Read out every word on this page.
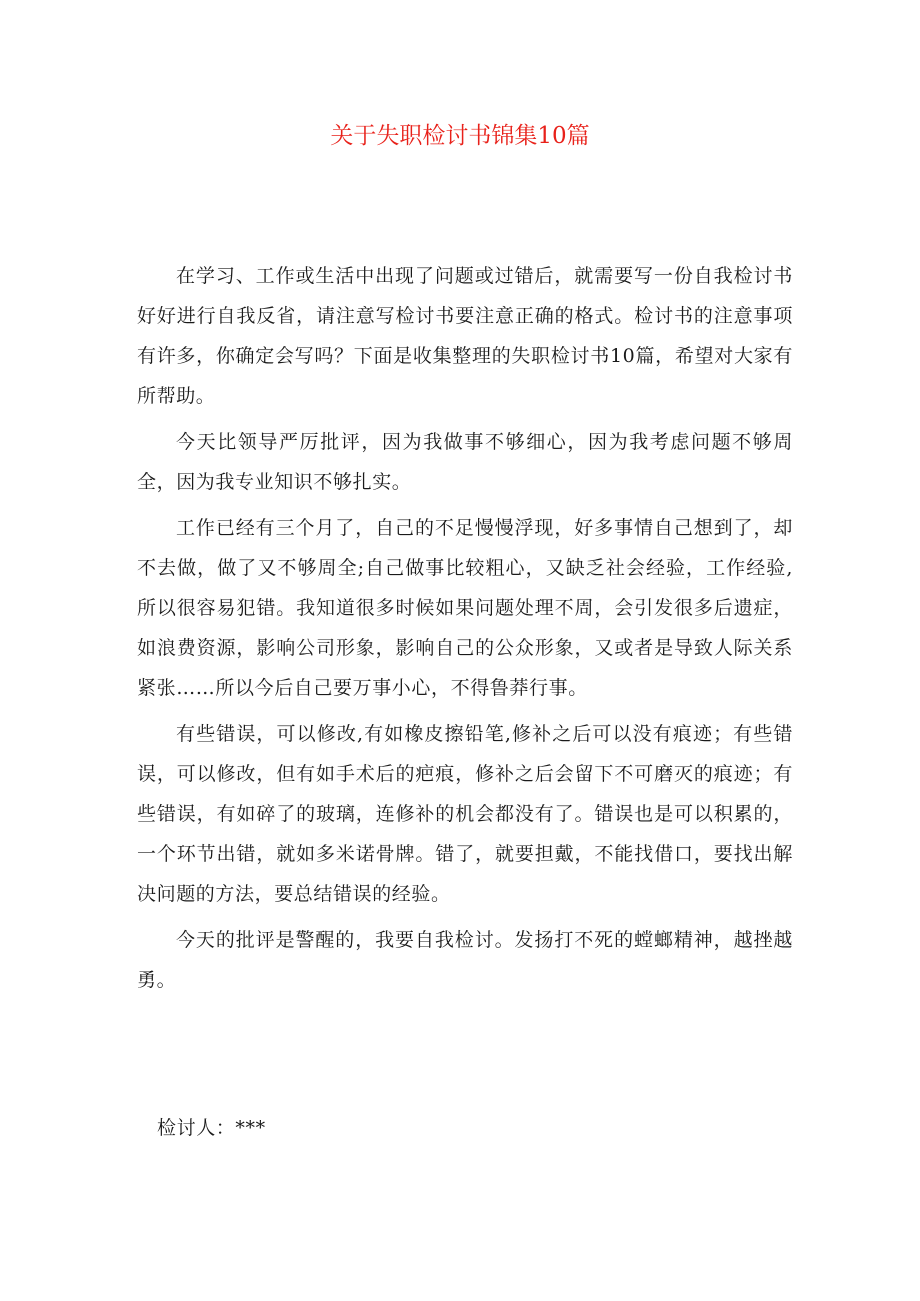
关于失职检讨书锦集10篇

在学习、工作或生活中出现了问题或过错后，就需要写一份自我检讨书好好进行自我反省，请注意写检讨书要注意正确的格式。检讨书的注意事项有许多，你确定会写吗？下面是收集整理的失职检讨书10篇，希望对大家有所帮助。

今天比领导严厉批评，因为我做事不够细心，因为我考虑问题不够周全，因为我专业知识不够扎实。

工作已经有三个月了，自己的不足慢慢浮现，好多事情自己想到了，却不去做，做了又不够周全;自己做事比较粗心，又缺乏社会经验，工作经验,所以很容易犯错。我知道很多时候如果问题处理不周，会引发很多后遗症，如浪费资源，影响公司形象，影响自己的公众形象，又或者是导致人际关系紧张……所以今后自己要万事小心，不得鲁莽行事。

有些错误，可以修改,有如橡皮擦铅笔,修补之后可以没有痕迹；有些错误，可以修改，但有如手术后的疤痕，修补之后会留下不可磨灭的痕迹；有些错误，有如碎了的玻璃，连修补的机会都没有了。错误也是可以积累的，一个环节出错，就如多米诺骨牌。错了，就要担戴，不能找借口，要找出解决问题的方法，要总结错误的经验。

今天的批评是警醒的，我要自我检讨。发扬打不死的螳螂精神，越挫越勇。

检讨人：***
